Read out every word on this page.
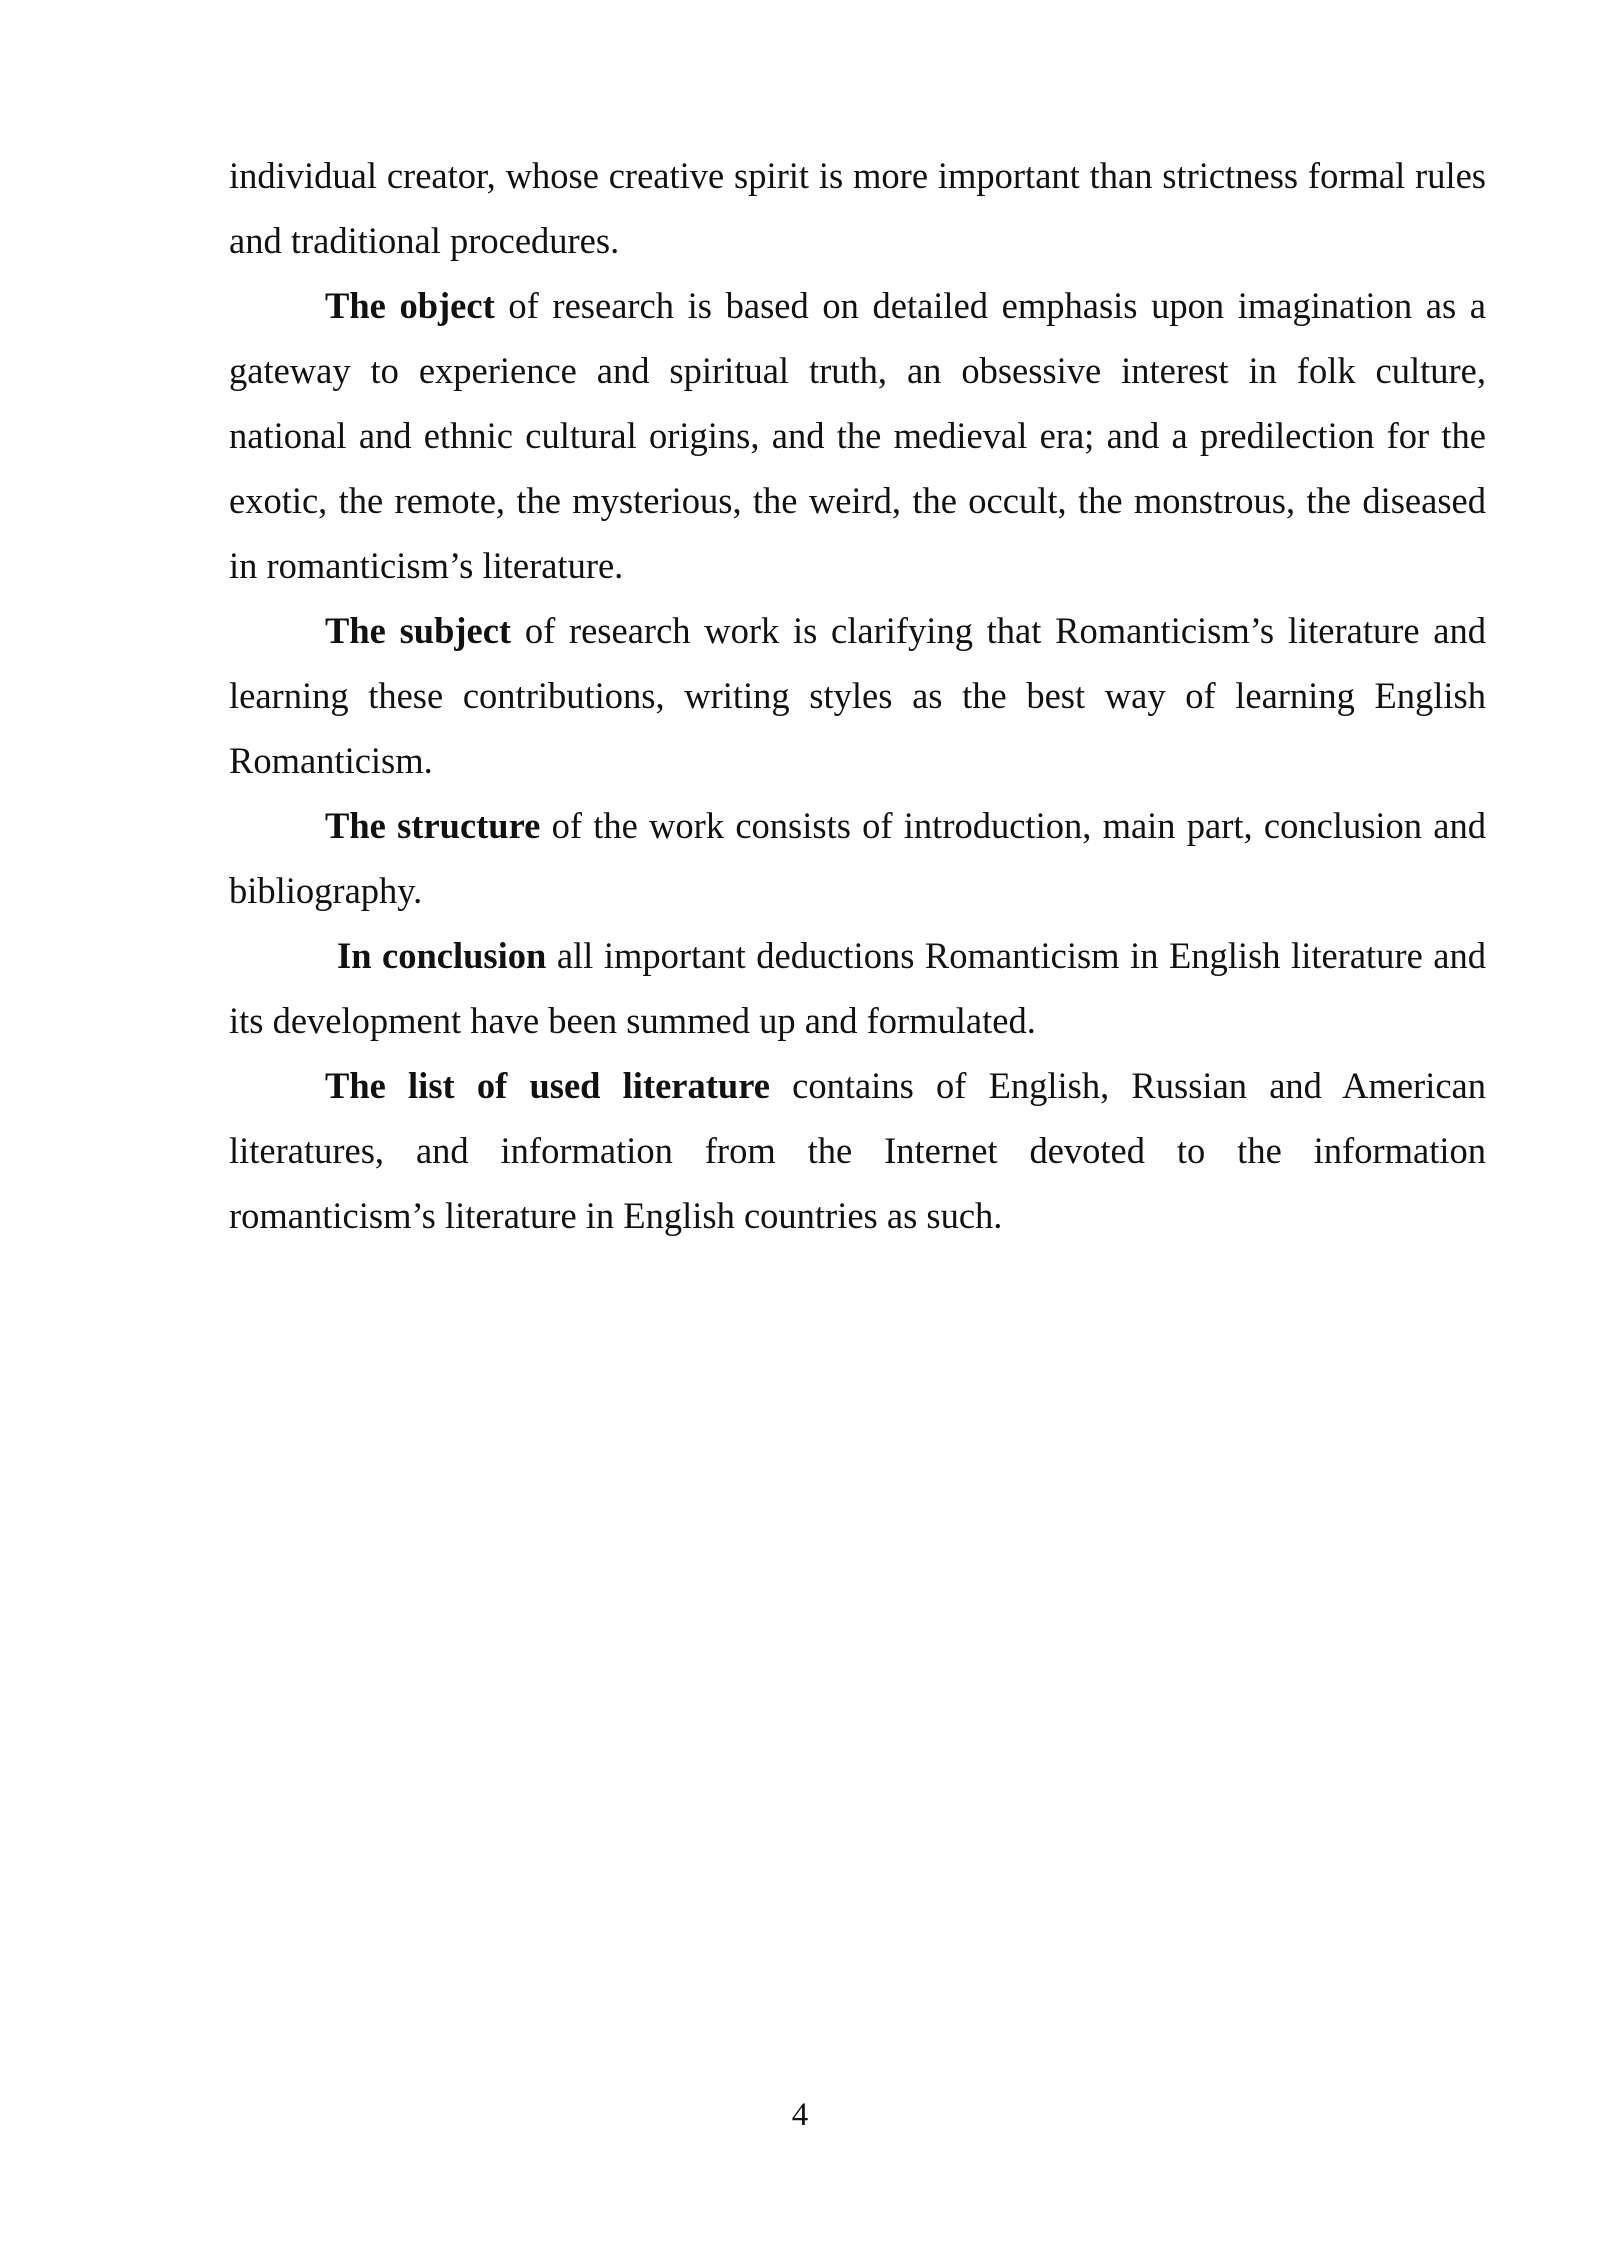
individual creator, whose creative spirit is more important than strictness formal rules and traditional procedures.

The object of research is based on detailed emphasis upon imagination as a gateway to experience and spiritual truth, an obsessive interest in folk culture, national and ethnic cultural origins, and the medieval era; and a predilection for the exotic, the remote, the mysterious, the weird, the occult, the monstrous, the diseased in romanticism’s literature.

The subject of research work is clarifying that Romanticism’s literature and learning these contributions, writing styles as the best way of learning English Romanticism.

The structure of the work consists of introduction, main part, conclusion and bibliography.

In conclusion all important deductions Romanticism in English literature and its development have been summed up and formulated.

The list of used literature contains of English, Russian and American literatures, and information from the Internet devoted to the information romanticism’s literature in English countries as such.

4
